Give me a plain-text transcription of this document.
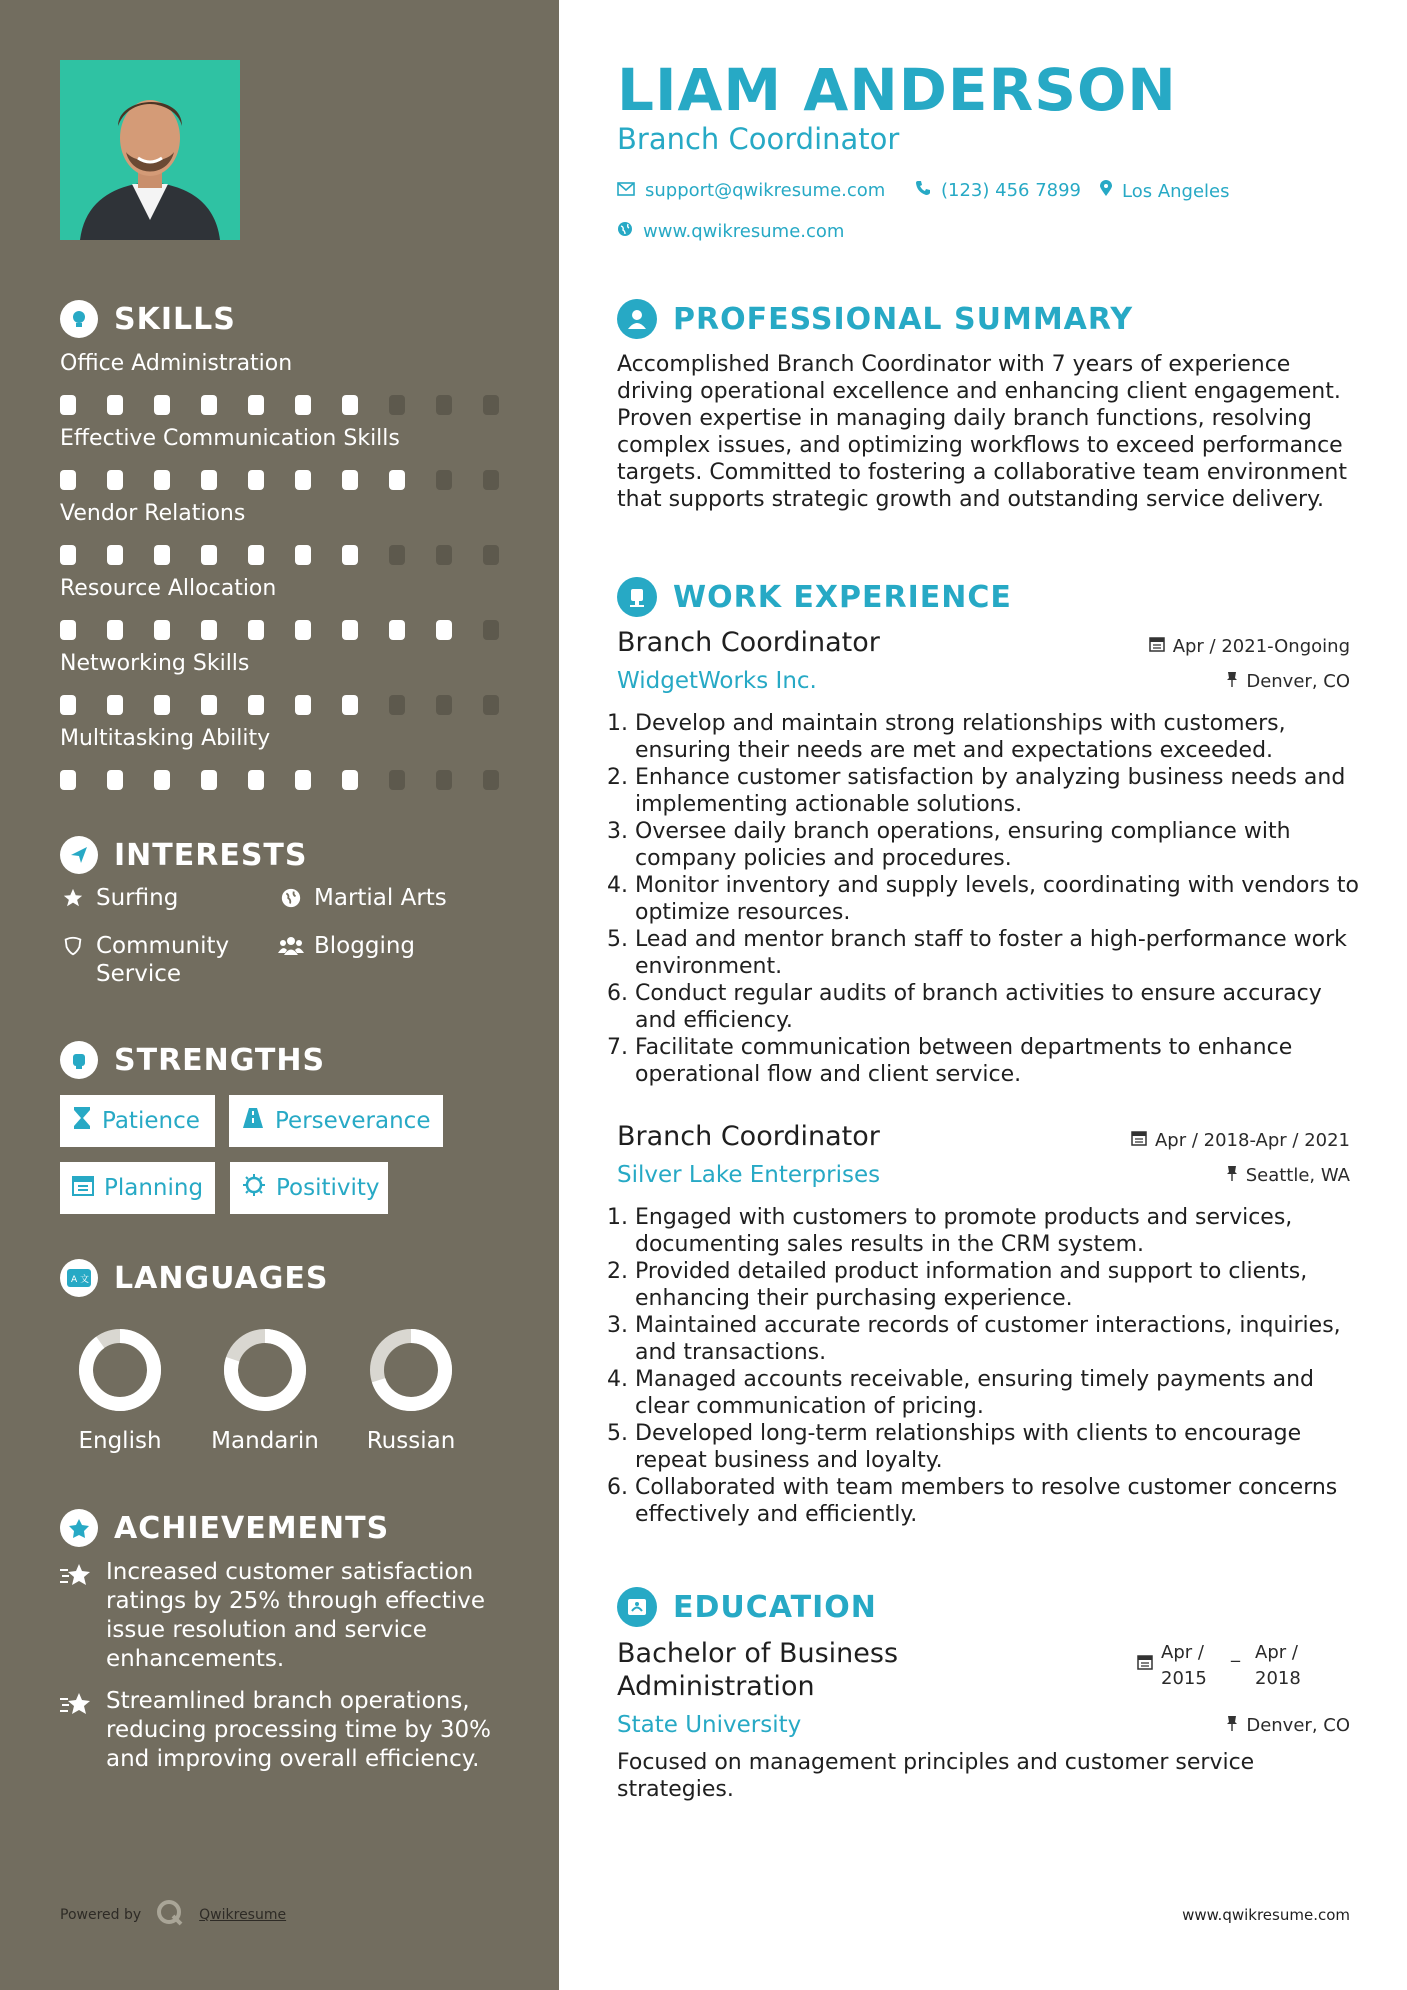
SKILLS
Office Administration
Effective Communication Skills
Vendor Relations
Resource Allocation
Networking Skills
Multitasking Ability
INTERESTS
Surfing	Martial Arts
Community Service
Blogging
STRENGTHS
Patience	Perseverance
Planning	Positivity
A 文 LANGUAGES
English	Mandarin	Russian
ACHIEVEMENTS
Increased customer satisfaction ratings by 25% through effective issue resolution and service enhancements.
Streamlined branch operations, reducing processing time by 30% and improving overall efficiency.
Powered by	Qwikresume
LIAM ANDERSON
Branch Coordinator
support@qwikresume.com	(123) 456 7899 Los Angeles
www.qwikresume.com
PROFESSIONAL SUMMARY
Accomplished Branch Coordinator with 7 years of experience driving operational excellence and enhancing client engagement. Proven expertise in managing daily branch functions, resolving complex issues, and optimizing workflows to exceed performance targets. Committed to fostering a collaborative team environment that supports strategic growth and outstanding service delivery.
WORK EXPERIENCE
Branch Coordinator
WidgetWorks Inc.
Apr / 2021-Ongoing
Denver, CO
1. Develop and maintain strong relationships with customers, ensuring their needs are met and expectations exceeded.
2. Enhance customer satisfaction by analyzing business needs and implementing actionable solutions.
3. Oversee daily branch operations, ensuring compliance with company policies and procedures.
4. Monitor inventory and supply levels, coordinating with vendors to optimize resources.
5. Lead and mentor branch staff to foster a high-performance work environment.
6. Conduct regular audits of branch activities to ensure accuracy and efficiency.
7. Facilitate communication between departments to enhance operational flow and client service.
Branch Coordinator
Silver Lake Enterprises
Apr / 2018-Apr / 2021
Seattle, WA
1. Engaged with customers to promote products and services, documenting sales results in the CRM system.
2. Provided detailed product information and support to clients, enhancing their purchasing experience.
3. Maintained accurate records of customer interactions, inquiries, and transactions.
4. Managed accounts receivable, ensuring timely payments and clear communication of pricing.
5. Developed long-term relationships with clients to encourage repeat business and loyalty.
6. Collaborated with team members to resolve customer concerns effectively and efficiently.
EDUCATION
Bachelor of Business Administration
State University
Apr / 2015
_ Apr / 2018
Denver, CO
Focused on management principles and customer service strategies.
www.qwikresume.com
